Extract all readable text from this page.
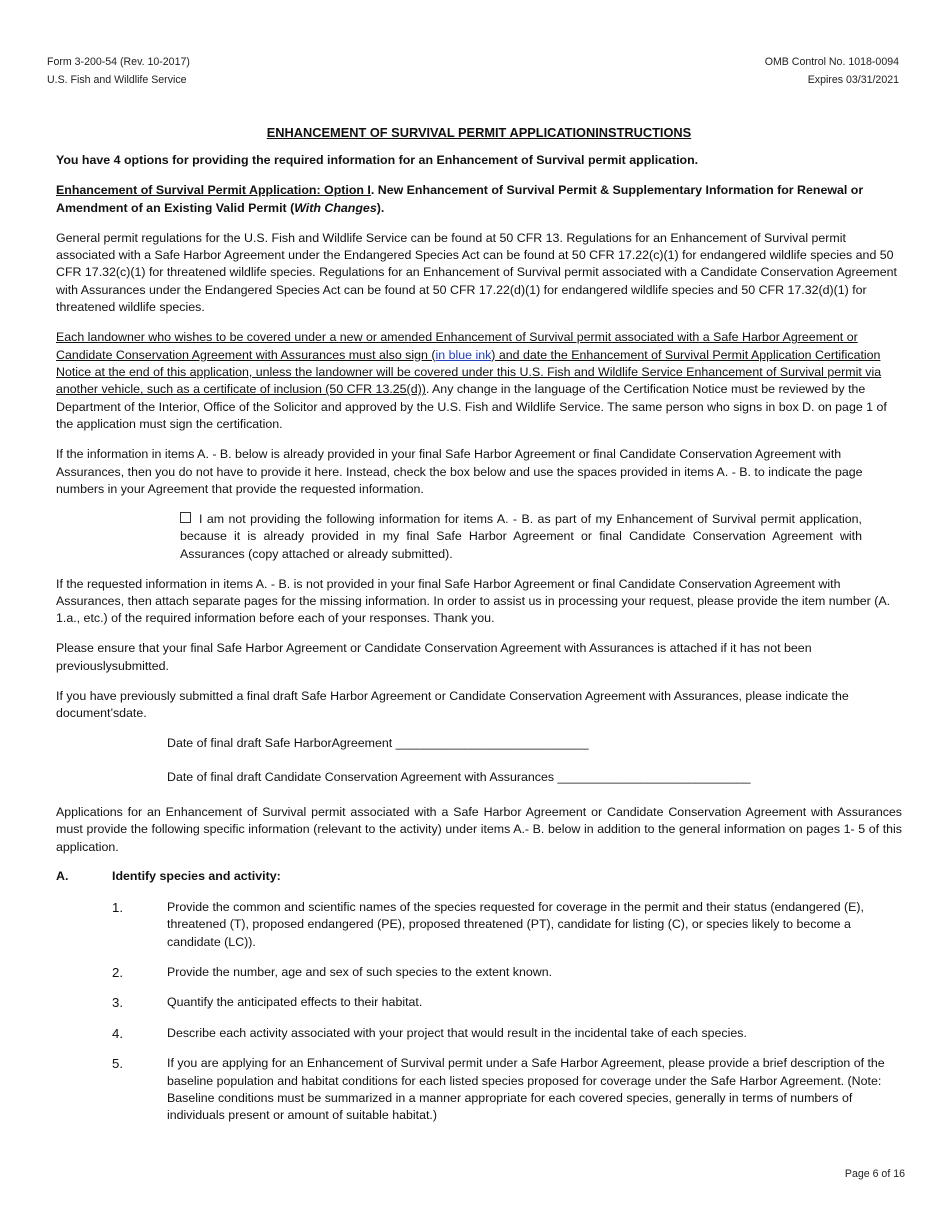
Form 3-200-54 (Rev. 10-2017)
U.S. Fish and Wildlife Service
OMB Control No. 1018-0094
Expires 03/31/2021
ENHANCEMENT OF SURVIVAL PERMIT APPLICATIONINSTRUCTIONS

You have 4 options for providing the required information for an Enhancement of Survival permit application.

Enhancement of Survival Permit Application: Option I. New Enhancement of Survival Permit & Supplementary Information for Renewal or Amendment of an Existing Valid Permit (With Changes).

General permit regulations for the U.S. Fish and Wildlife Service can be found at 50 CFR 13. Regulations for an Enhancement of Survival permit associated with a Safe Harbor Agreement under the Endangered Species Act can be found at 50 CFR 17.22(c)(1) for endangered wildlife species and 50 CFR 17.32(c)(1) for threatened wildlife species. Regulations for an Enhancement of Survival permit associated with a Candidate Conservation Agreement with Assurances under the Endangered Species Act can be found at 50 CFR 17.22(d)(1) for endangered wildlife species and 50 CFR 17.32(d)(1) for threatened wildlife species.

Each landowner who wishes to be covered under a new or amended Enhancement of Survival permit associated with a Safe Harbor Agreement or Candidate Conservation Agreement with Assurances must also sign (in blue ink) and date the Enhancement of Survival Permit Application Certification Notice at the end of this application, unless the landowner will be covered under this U.S. Fish and Wildlife Service Enhancement of Survival permit via another vehicle, such as a certificate of inclusion (50 CFR 13.25(d)). Any change in the language of the Certification Notice must be reviewed by the Department of the Interior, Office of the Solicitor and approved by the U.S. Fish and Wildlife Service. The same person who signs in box D. on page 1 of the application must sign the certification.

If the information in items A. - B. below is already provided in your final Safe Harbor Agreement or final Candidate Conservation Agreement with Assurances, then you do not have to provide it here. Instead, check the box below and use the spaces provided in items A. - B. to indicate the page numbers in your Agreement that provide the requested information.

I am not providing the following information for items A. - B. as part of my Enhancement of Survival permit application, because it is already provided in my final Safe Harbor Agreement or final Candidate Conservation Agreement with Assurances (copy attached or already submitted).

If the requested information in items A. - B. is not provided in your final Safe Harbor Agreement or final Candidate Conservation Agreement with Assurances, then attach separate pages for the missing information. In order to assist us in processing your request, please provide the item number (A. 1.a., etc.) of the required information before each of your responses. Thank you.

Please ensure that your final Safe Harbor Agreement or Candidate Conservation Agreement with Assurances is attached if it has not been previouslysubmitted.

If you have previously submitted a final draft Safe Harbor Agreement or Candidate Conservation Agreement with Assurances, please indicate the document’sdate.

Date of final draft Safe HarborAgreement ____________________________
Date of final draft Candidate Conservation Agreement with Assurances ____________________________

Applications for an Enhancement of Survival permit associated with a Safe Harbor Agreement or Candidate Conservation Agreement with Assurances must provide the following specific information (relevant to the activity) under items A.- B. below in addition to the general information on pages 1- 5 of this application.

A.	Identify species and activity:
1.	Provide the common and scientific names of the species requested for coverage in the permit and their status (endangered (E), threatened (T), proposed endangered (PE), proposed threatened (PT), candidate for listing (C), or species likely to become a candidate (LC)).
2.	Provide the number, age and sex of such species to the extent known.
3.	Quantify the anticipated effects to their habitat.
4.	Describe each activity associated with your project that would result in the incidental take of each species.
5.	If you are applying for an Enhancement of Survival permit under a Safe Harbor Agreement, please provide a brief description of the baseline population and habitat conditions for each listed species proposed for coverage under the Safe Harbor Agreement. (Note: Baseline conditions must be summarized in a manner appropriate for each covered species, generally in terms of numbers of individuals present or amount of suitable habitat.)
Page 6 of 16
